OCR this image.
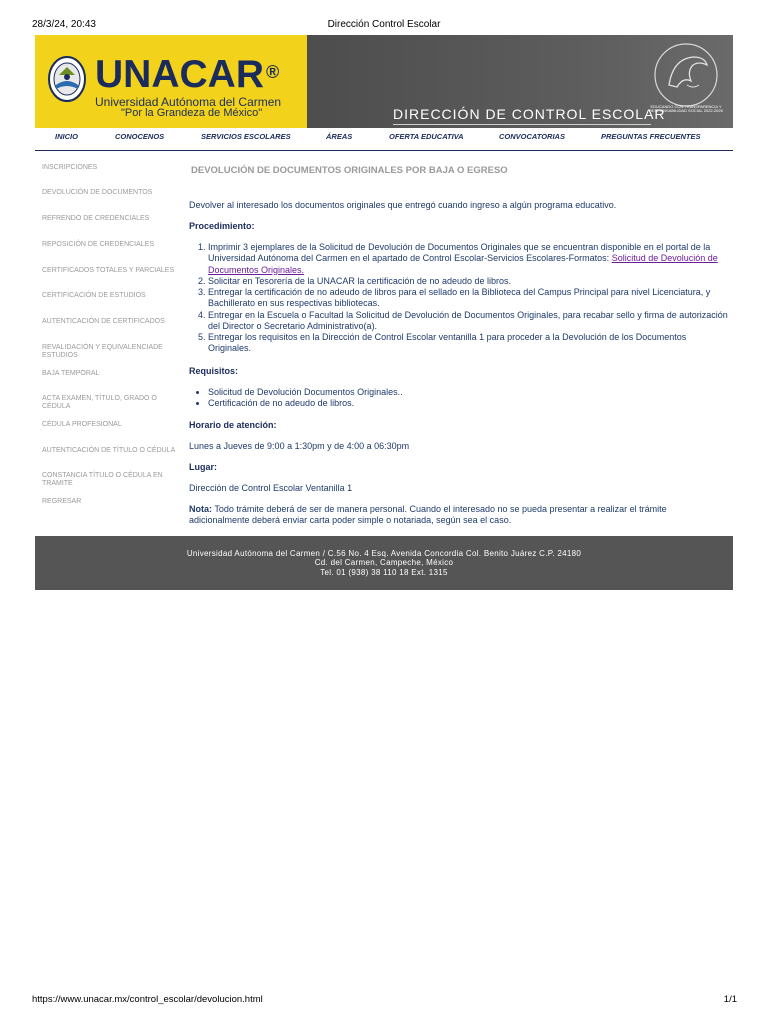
28/3/24, 20:43	Dirección Control Escolar
UNACAR ®
Universidad Autónoma del Carmen
"Por la Grandeza de México"	DIRECCIÓN DE CONTROL ESCOLAR
EDUCANDO CON TRANSPARENCIA Y RESPONSABILIDAD SOCIAL 2022-2026
INICIO	CONOCENOS	SERVICIOS ESCOLARES	ÁREAS	OFERTA EDUCATIVA	CONVOCATORIAS	PREGUNTAS FRECUENTES
INSCRIPCIONES
DEVOLUCIÓN DE DOCUMENTOS
REFRENDO DE CREDENCIALES
REPOSICIÓN DE CREDENCIALES
CERTIFICADOS TOTALES Y PARCIALES
CERTIFICACIÓN DE ESTUDIOS
AUTENTICACIÓN DE CERTIFICADOS
REVALIDACIÓN Y EQUIVALENCIADE ESTUDIOS
BAJA TEMPORAL
ACTA EXAMEN, TÍTULO, GRADO O CÉDULA
CÉDULA PROFESIONAL
AUTENTICACIÓN DE TÍTULO O CÉDULA
CONSTANCIA TÍTULO O CÉDULA EN TRAMITE
REGRESAR
DEVOLUCIÓN DE DOCUMENTOS ORIGINALES POR BAJA O EGRESO
Devolver al interesado los documentos originales que entregó cuando ingreso a algún programa educativo.
Procedimiento:
1. Imprimir 3 ejemplares de la Solicitud de Devolución de Documentos Originales que se encuentran disponible en el portal de la Universidad Autónoma del Carmen en el apartado de Control Escolar-Servicios Escolares-Formatos: Solicitud de Devolución de Documentos Originales.
2. Solicitar en Tesorería de la UNACAR la certificación de no adeudo de libros.
3. Entregar la certificación de no adeudo de libros para el sellado en la Biblioteca del Campus Principal para nivel Licenciatura, y Bachillerato en sus respectivas bibliotecas.
4. Entregar en la Escuela o Facultad la Solicitud de Devolución de Documentos Originales, para recabar sello y firma de autorización del Director o Secretario Administrativo(a).
5. Entregar los requisitos en la Dirección de Control Escolar ventanilla 1 para proceder a la Devolución de los Documentos Originales.
Requisitos:
• Solicitud de Devolución Documentos Originales..
• Certificación de no adeudo de libros.
Horario de atención:
Lunes a Jueves de 9:00 a 1:30pm y de 4:00 a 06:30pm
Lugar:
Dirección de Control Escolar Ventanilla 1
Nota: Todo trámite deberá de ser de manera personal. Cuando el interesado no se pueda presentar a realizar el trámite adicionalmente deberá enviar carta poder simple o notariada, según sea el caso.
Universidad Autónoma del Carmen / C.56 No. 4 Esq. Avenida Concordia Col. Benito Juárez C.P. 24180
Cd. del Carmen, Campeche, México
Tel. 01 (938) 38 110 18 Ext. 1315
https://www.unacar.mx/control_escolar/devolucion.html	1/1
